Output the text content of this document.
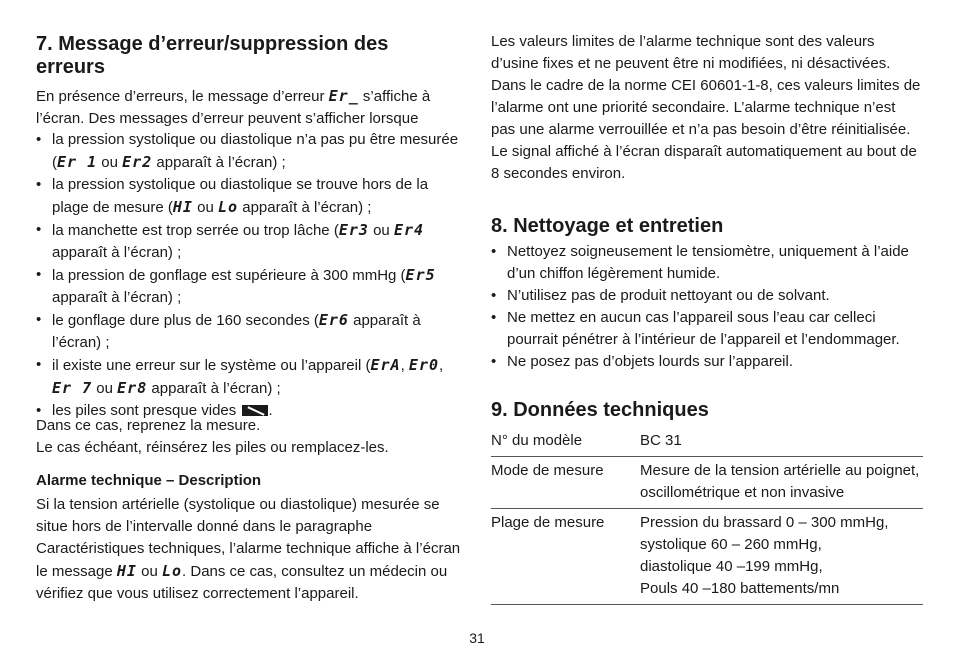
7. Message d’erreur/suppression des erreurs

En présence d’erreurs, le message d’erreur Er_ s’affiche à l’écran. Des messages d’erreur peuvent s’afficher lorsque

• la pression systolique ou diastolique n’a pas pu être mesurée (Er 1 ou Er2 apparaît à l’écran) ;
• la pression systolique ou diastolique se trouve hors de la plage de mesure (HI ou Lo apparaît à l’écran) ;
• la manchette est trop serrée ou trop lâche (Er3 ou Er4 apparaît à l’écran) ;
• la pression de gonflage est supérieure à 300 mmHg (Er5 apparaît à l’écran) ;
• le gonflage dure plus de 160 secondes (Er6 apparaît à l’écran) ;
• il existe une erreur sur le système ou l’appareil (ErA, Er0, Er 7 ou Er8 apparaît à l’écran) ;
• les piles sont presque vides .

Dans ce cas, reprenez la mesure.

Le cas échéant, réinsérez les piles ou remplacez-les.

Alarme technique – Description

Si la tension artérielle (systolique ou diastolique) mesurée se situe hors de l’intervalle donné dans le paragraphe Caractéristiques techniques, l’alarme technique affiche à l’écran le message HI ou Lo. Dans ce cas, consultez un médecin ou vérifiez que vous utilisez correctement l’appareil.

Les valeurs limites de l’alarme technique sont des valeurs d’usine fixes et ne peuvent être ni modifiées, ni désactivées. Dans le cadre de la norme CEI 60601-1-8, ces valeurs limites de l’alarme ont une priorité secondaire. L’alarme technique n’est pas une alarme verrouillée et n’a pas besoin d’être réinitialisée. Le signal affiché à l’écran disparaît automatiquement au bout de 8 secondes environ.

8. Nettoyage et entretien
• Nettoyez soigneusement le tensiomètre, uniquement à l’aide d’un chiffon légèrement humide.
• N’utilisez pas de produit nettoyant ou de solvant.
• Ne mettez en aucun cas l’appareil sous l’eau car celleci pourrait pénétrer à l’intérieur de l’appareil et l’endommager.
• Ne posez pas d’objets lourds sur l’appareil.
9. Données techniques
N° du modèle	BC 31
Mode de mesure	Mesure de la tension artérielle au poignet, oscillométrique et non invasive
Plage de mesure	Pression du brassard 0 – 300 mmHg,
systolique 60 – 260 mmHg,
diastolique 40 –199 mmHg,
Pouls 40 –180 battements/mn
31
